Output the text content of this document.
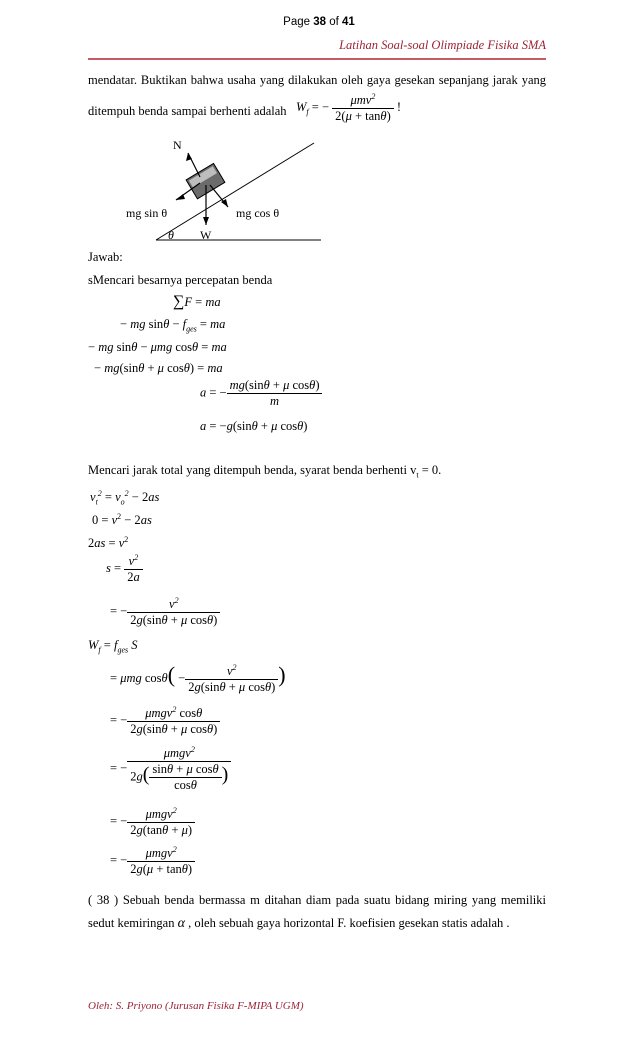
Page 38 of 41
Latihan Soal-soal Olimpiade Fisika SMA
mendatar. Buktikan bahwa usaha yang dilakukan oleh gaya gesekan sepanjang jarak yang
ditempuh benda sampai berhenti adalah $W_f$ = − $\frac{\mu mv^2}{2(\mu + \tan\theta)}$ !
N
mg sin θ	mg cos θ
θ W
Jawab:
sMencari besarnya percepatan benda
∑F = ma
− mg $\sin\theta - f_{ges}$ = ma
− mg sinθ − μmg cosθ = ma
− mg(sinθ + μ cosθ) = ma
a = − $\frac{\text{mg(sinθ + μ cosθ)}}{m}$
a = −g(sinθ + μ cosθ)
Mencari jarak total yang ditempuh benda, syarat benda berhenti $v_t = 0$.
$v_t^2 = v_o^2 - 2as$
$0 = v^2 - 2as$
$2as = v^2$
$s = \frac{v^2}{2a}$
= − $\frac{v^2}{\text{2g(sinθ + μ cosθ)}}$
$W_f = f_{ges}$ S
= μmg $\cos\theta( - \frac{v^2}{\text{2g(sinθ + μ cosθ)}}$ )
= − $\frac{\mu mgv^2 \cos\theta}{\text{2g(sinθ + μ cosθ)}}$
= − $\frac{\mu mgv^2}{2g( \frac{\text{sinθ + μ cosθ}}{\cos\theta} )}$
= − $\frac{\mu mgv^2}{2g(\tan\theta + \mu)}$
= − $\frac{\mu mgv^2}{2g(\mu + \tan\theta)}$
( 38 ) Sebuah benda bermassa m ditahan diam pada suatu bidang miring yang memiliki
sedut kemiringan α , oleh sebuah gaya horizontal F. koefisien gesekan statis adalah .
Oleh: S. Priyono (Jurusan Fisika F-MIPA UGM)
